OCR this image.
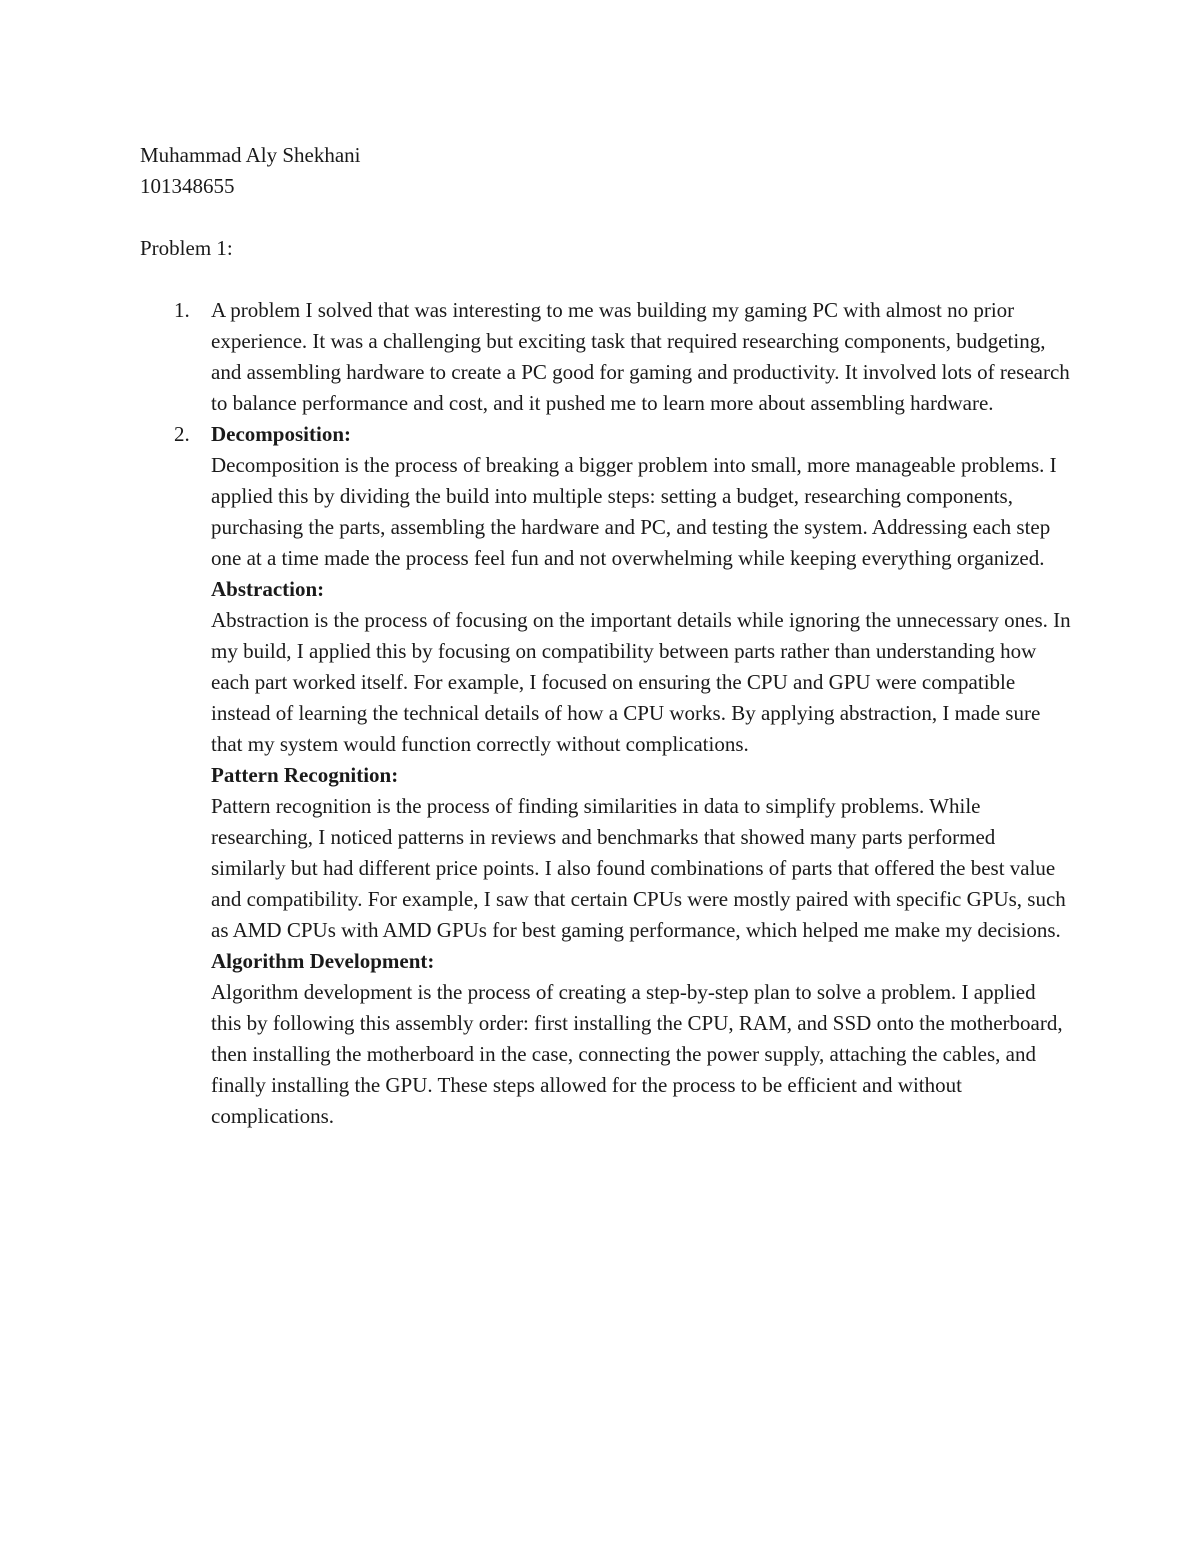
Muhammad Aly Shekhani

101348655

Problem 1:

1. A problem I solved that was interesting to me was building my gaming PC with almost no prior experience. It was a challenging but exciting task that required researching components, budgeting, and assembling hardware to create a PC good for gaming and productivity. It involved lots of research to balance performance and cost, and it pushed me to learn more about assembling hardware.

2. Decomposition:

Decomposition is the process of breaking a bigger problem into small, more manageable problems. I applied this by dividing the build into multiple steps: setting a budget, researching components, purchasing the parts, assembling the hardware and PC, and testing the system. Addressing each step one at a time made the process feel fun and not overwhelming while keeping everything organized.

Abstraction:

Abstraction is the process of focusing on the important details while ignoring the unnecessary ones. In my build, I applied this by focusing on compatibility between parts rather than understanding how each part worked itself. For example, I focused on ensuring the CPU and GPU were compatible instead of learning the technical details of how a CPU works. By applying abstraction, I made sure that my system would function correctly without complications.

Pattern Recognition:

Pattern recognition is the process of finding similarities in data to simplify problems. While researching, I noticed patterns in reviews and benchmarks that showed many parts performed similarly but had different price points. I also found combinations of parts that offered the best value and compatibility. For example, I saw that certain CPUs were mostly paired with specific GPUs, such as AMD CPUs with AMD GPUs for best gaming performance, which helped me make my decisions.

Algorithm Development:

Algorithm development is the process of creating a step-by-step plan to solve a problem. I applied this by following this assembly order: first installing the CPU, RAM, and SSD onto the motherboard, then installing the motherboard in the case, connecting the power supply, attaching the cables, and finally installing the GPU. These steps allowed for the process to be efficient and without complications.
